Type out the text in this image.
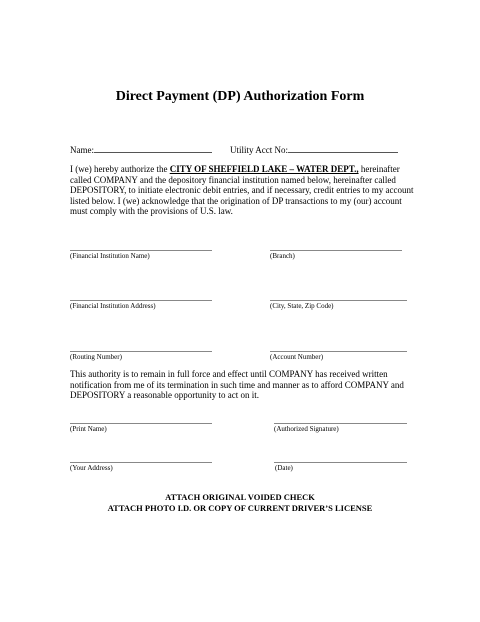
Direct Payment (DP) Authorization Form
Name:	Utility Acct No:
I (we) hereby authorize the CITY OF SHEFFIELD LAKE – WATER DEPT., hereinafter called COMPANY and the depository financial institution named below, hereinafter called DEPOSITORY, to initiate electronic debit entries, and if necessary, credit entries to my account listed below. I (we) acknowledge that the origination of DP transactions to my (our) account must comply with the provisions of U.S. law.
(Financial Institution Name)	(Branch)
(Financial Institution Address)	(City, State, Zip Code)
(Routing Number)	(Account Number)
This authority is to remain in full force and effect until COMPANY has received written notification from me of its termination in such time and manner as to afford COMPANY and DEPOSITORY a reasonable opportunity to act on it.
(Print Name)	(Authorized Signature)
(Your Address)	(Date)
ATTACH ORIGINAL VOIDED CHECK
ATTACH PHOTO I.D. OR COPY OF CURRENT DRIVER’S LICENSE
